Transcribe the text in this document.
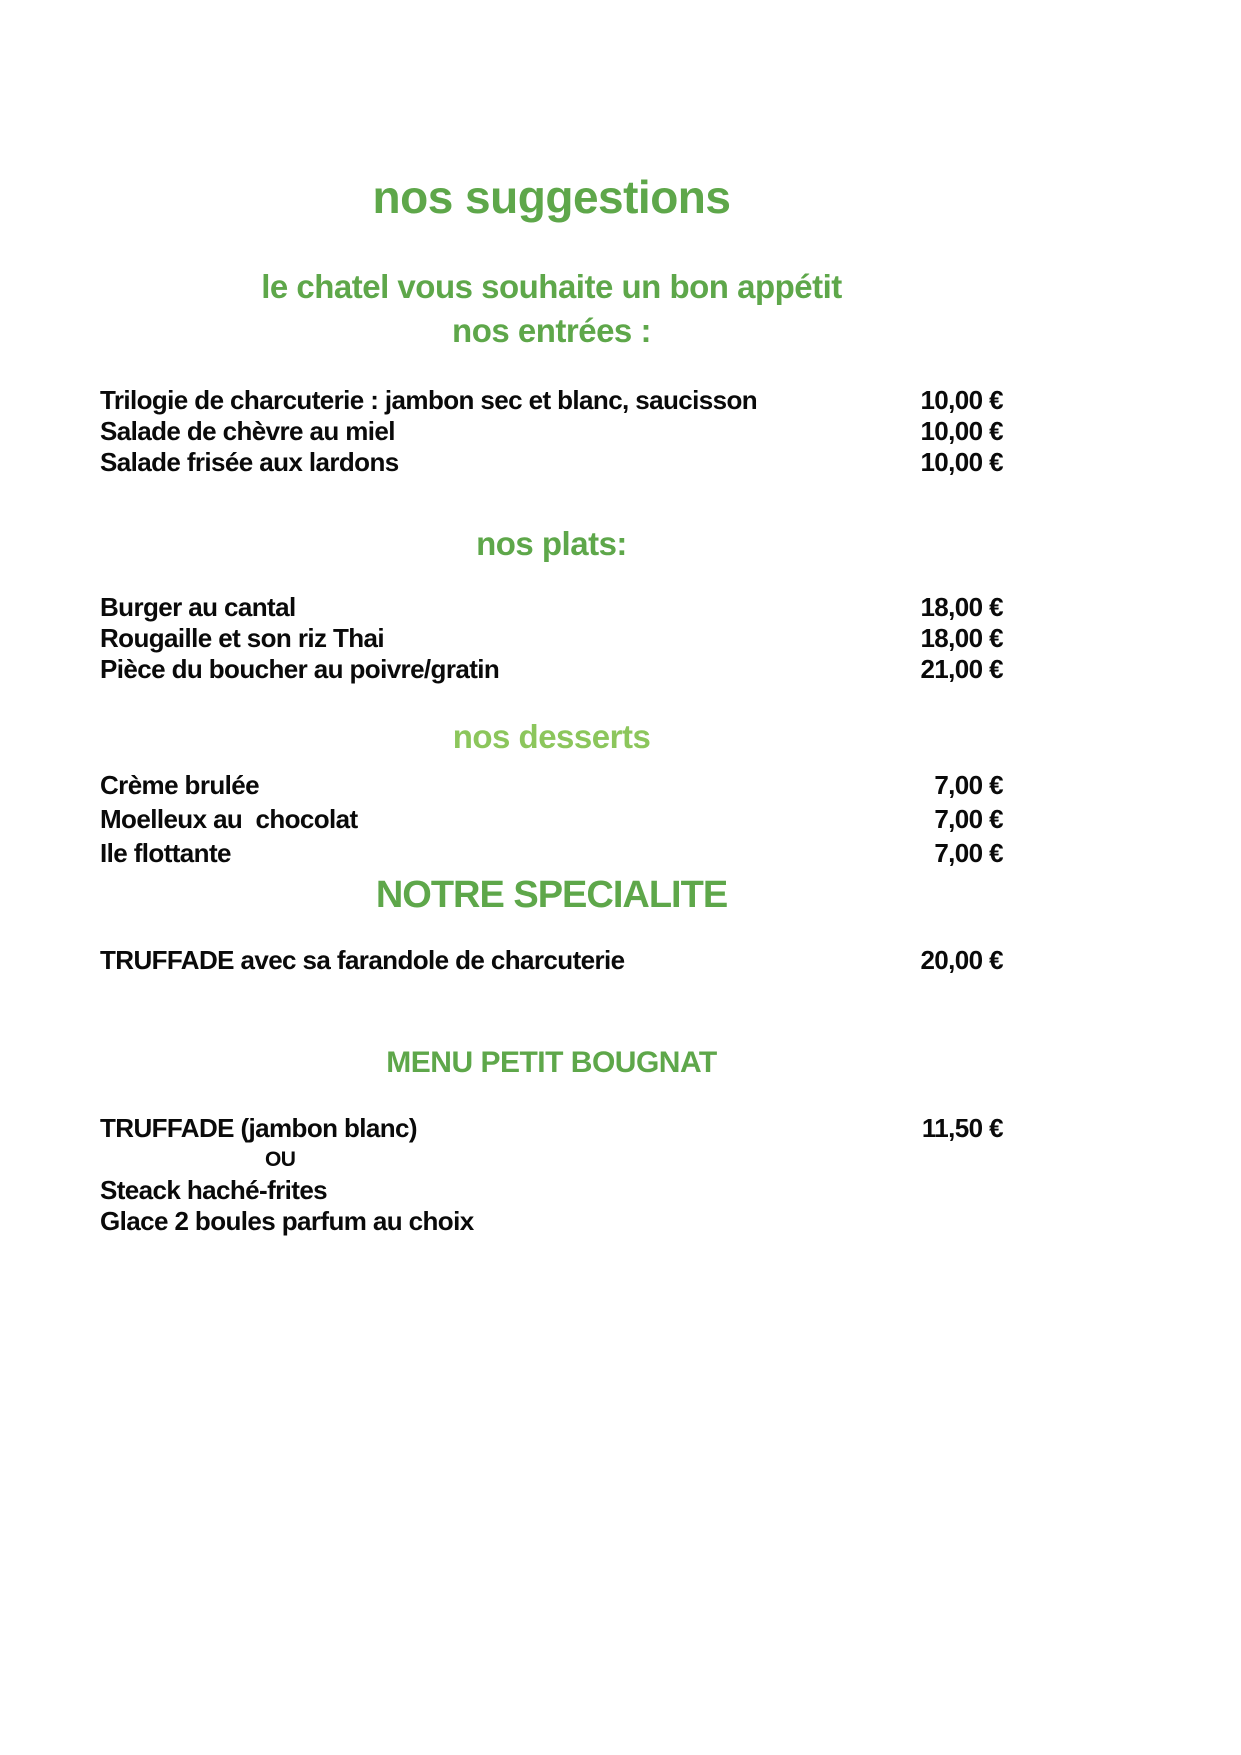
nos suggestions
le chatel vous souhaite un bon appétit
nos entrées :
Trilogie de charcuterie : jambon sec et blanc, saucisson	10,00 €
Salade de chèvre au miel	10,00 €
Salade frisée aux lardons	10,00 €
nos plats:
Burger au cantal	18,00 €
Rougaille et son riz Thai	18,00 €
Pièce du boucher au poivre/gratin	21,00 €
nos desserts
Crème brulée	7,00 €
Moelleux au  chocolat	7,00 €
Ile flottante	7,00 €
NOTRE SPECIALITE
TRUFFADE avec sa farandole de charcuterie	20,00 €
MENU PETIT BOUGNAT
TRUFFADE (jambon blanc)	11,50 €
OU
Steack haché-frites
Glace 2 boules parfum au choix
